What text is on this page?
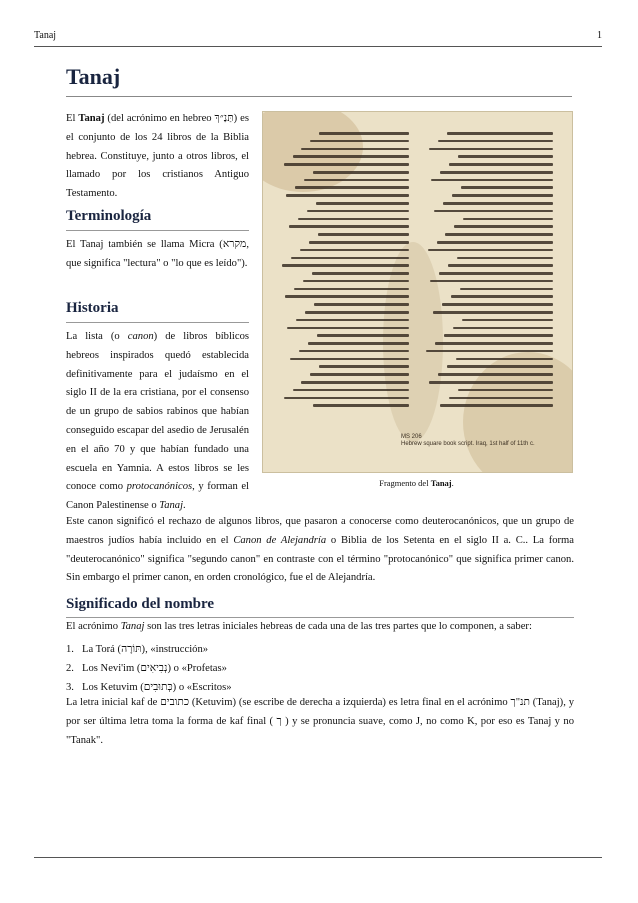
Tanaj	1
Tanaj

El Tanaj (del acrónimo en hebreo תַּנַ״ךְ) es el conjunto de los 24 libros de la Biblia hebrea. Constituye, junto a otros libros, el llamado por los cristianos Antiguo Testamento.

MS 206
Hebrew square book script. Iraq, 1st half of 11th c.
Fragmento del Tanaj.
Terminología

El Tanaj también se llama Micra (מקרא, que significa "lectura" o "lo que es leído").

Historia

La lista (o canon) de libros bíblicos hebreos inspirados quedó establecida definitivamente para el judaísmo en el siglo II de la era cristiana, por el consenso de un grupo de sabios rabinos que habían conseguido escapar del asedio de Jerusalén en el año 70 y que habían fundado una escuela en Yamnia. A estos libros se les conoce como protocanónicos, y forman el Canon Palestinense o Tanaj.

Este canon significó el rechazo de algunos libros, que pasaron a conocerse como deuterocanónicos, que un grupo de maestros judíos había incluido en el Canon de Alejandría o Biblia de los Setenta en el siglo II a. C.. La forma "deuterocanónico" significa "segundo canon" en contraste con el término "protocanónico" que significa primer canon. Sin embargo el primer canon, en orden cronológico, fue el de Alejandría.

Significado del nombre

El acrónimo Tanaj son las tres letras iniciales hebreas de cada una de las tres partes que lo componen, a saber:

1. La Torá (תּוֹרָה), «instrucción»
2. Los Nevi'im (נְבִיאִים) o «Profetas»
3. Los Ketuvim (כְּתוּבִים) o «Escritos»

La letra inicial kaf de כתובים (Ketuvim) (se escribe de derecha a izquierda) es letra final en el acrónimo תנ"ך (Tanaj), y por ser última letra toma la forma de kaf final ( ך ) y se pronuncia suave, como J, no como K, por eso es Tanaj y no "Tanak".
